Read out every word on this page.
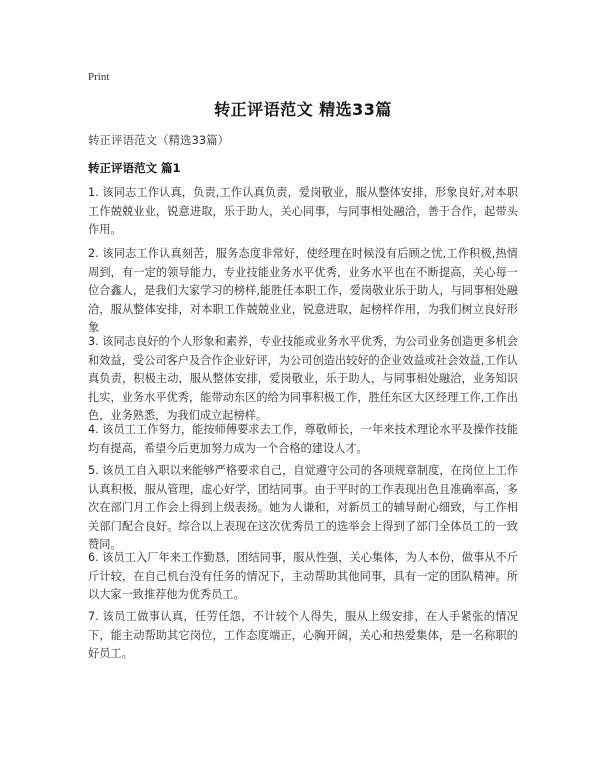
Print
转正评语范文 精选33篇
转正评语范文（精选33篇）
转正评语范文 篇1

1. 该同志工作认真，负责,工作认真负责，爱岗敬业，服从整体安排，形象良好,对本职工作兢兢业业，锐意进取，乐于助人，关心同事，与同事相处融洽，善于合作，起带头作用。

2. 该同志工作认真刻苦，服务态度非常好，使经理在时候没有后顾之忧,工作积极,热情周到，有一定的领导能力，专业技能业务水平优秀，业务水平也在不断提高，关心每一位合鑫人，是我们大家学习的榜样,能胜任本职工作，爱岗敬业乐于助人，与同事相处融洽，服从整体安排，对本职工作兢兢业业，锐意进取，起榜样作用，为我们树立良好形象

3. 该同志良好的个人形象和素养，专业技能或业务水平优秀，为公司业务创造更多机会和效益，受公司客户及合作企业好评，为公司创造出较好的企业效益或社会效益,工作认真负责，积极主动，服从整体安排，爱岗敬业，乐于助人，与同事相处融洽，业务知识扎实，业务水平优秀，能带动东区的给为同事积极工作，胜任东区大区经理工作,工作出色，业务熟悉，为我们成立起榜样。

4. 该员工工作努力，能按师傅要求去工作，尊敬师长，一年来技术理论水平及操作技能均有提高，希望今后更加努力成为一个合格的建设人才。

5. 该员工自入职以来能够严格要求自己，自觉遵守公司的各项规章制度，在岗位上工作认真积极，服从管理，虚心好学，团结同事。由于平时的工作表现出色且准确率高，多次在部门月工作会上得到上级表扬。她为人谦和，对新员工的辅导耐心细致，与工作相关部门配合良好。综合以上表现在这次优秀员工的选举会上得到了部门全体员工的一致赞同。

6. 该员工入厂年来工作勤恳，团结同事，服从性强，关心集体，为人本份，做事从不斤斤计较，在自己机台没有任务的情况下，主动帮助其他同事，具有一定的团队精神。所以大家一致推荐他为优秀员工。

7. 该员工做事认真，任劳任怨，不计较个人得失，服从上级安排，在人手紧张的情况下，能主动帮助其它岗位，工作态度端正，心胸开阔，关心和热爱集体，是一名称职的好员工。
